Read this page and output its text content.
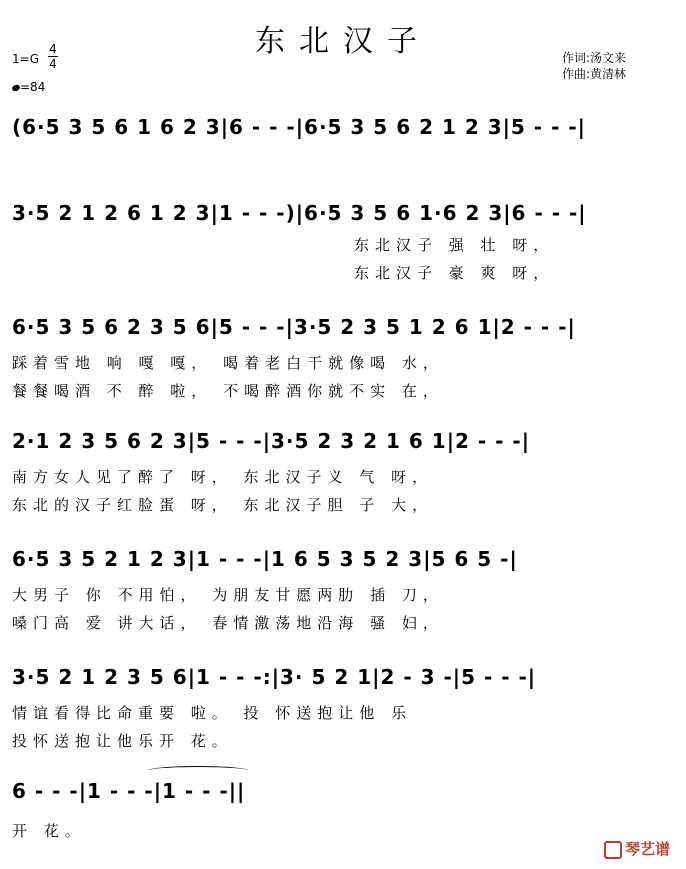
东北汉子
1=G
4
4
=84
作词:汤文来
作曲:黄清林
(6·5 3 5 6 1 6 2 3|6 - - -|6·5 3 5 6 2 1 2 3|5 - - -|
3·5 2 1 2 6 1 2 3|1 - - -)|6·5 3 5 6 1·6 2 3|6 - - -|
东北汉子 强 壮 呀，
东北汉子 豪 爽 呀，
6·5 3 5 6 2 3 5 6|5 - - -|3·5 2 3 5 1 2 6 1|2 - - -|
踩着雪地 响 嘎 嘎， 喝着老白干就像喝 水，
餐餐喝酒 不 醉 啦， 不喝醉酒你就不实 在，
2·1 2 3 5 6 2 3|5 - - -|3·5 2 3 2 1 6 1|2 - - -|
南方女人见了醉了 呀， 东北汉子义 气 呀，
东北的汉子红脸蛋 呀， 东北汉子胆 子 大，
6·5 3 5 2 1 2 3|1 - - -|1 6 5 3 5 2 3|5 6 5 -|
大男子 你 不用怕， 为朋友甘愿两肋 插 刀，
嗓门高 爱 讲大话， 春情激荡地沿海 骚 妇，
3·5 2 1 2 3 5 6|1 - - -:|3· 5 2 1|2 - 3 -|5 - - -|
情谊看得比命重要 啦。 投 怀送抱让他 乐
投怀送抱让他乐开 花。
6 - - -|1 - - -|1 - - -||
开 花。
琴艺谱
